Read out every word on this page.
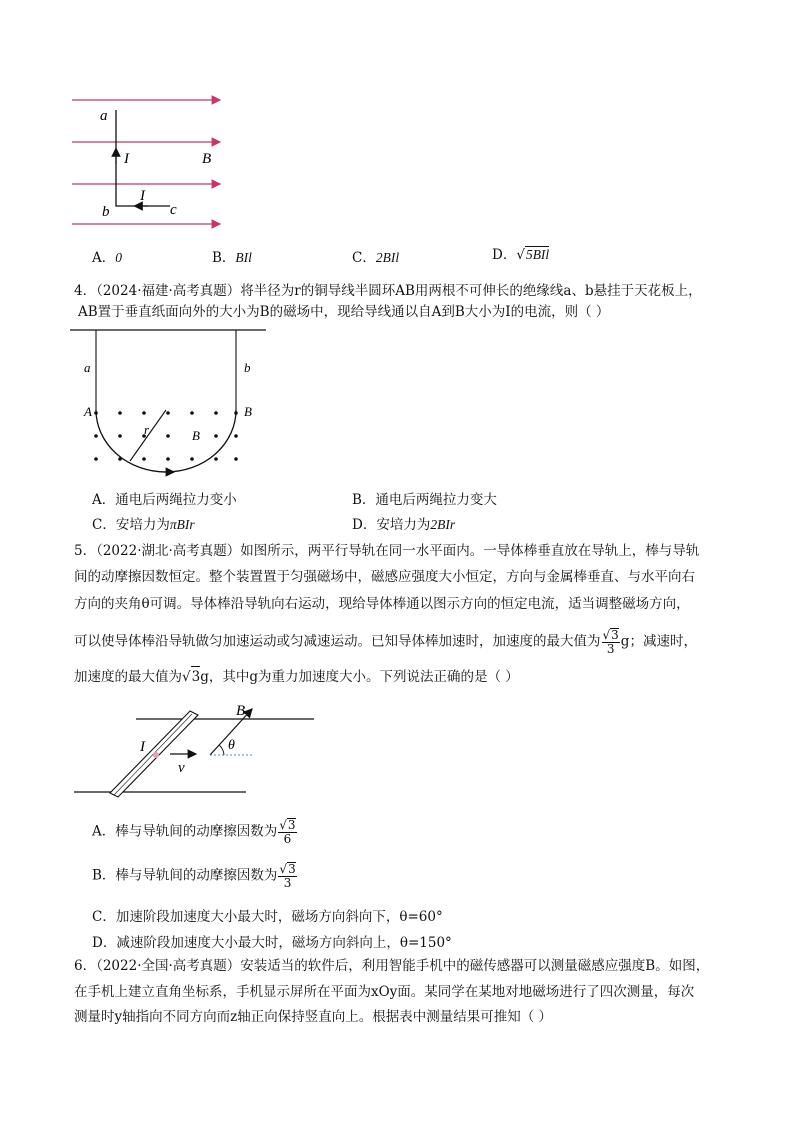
a
I	B
I
b	c
A．0	B．BIl	C．2BIl	D．√5BIl
4．（2024·福建·高考真题）将半径为r的铜导线半圆环AB用两根不可伸长的绝缘线a、b悬挂于天花板上，
AB置于垂直纸面向外的大小为B的磁场中，现给导线通以自A到B大小为I的电流，则（ ）
a	b
A	B
r	B
A．通电后两绳拉力变小	B．通电后两绳拉力变大
C．安培力为πBIr	D．安培力为2BIr
5．（2022·湖北·高考真题）如图所示，两平行导轨在同一水平面内。一导体棒垂直放在导轨上，棒与导轨
间的动摩擦因数恒定。整个装置置于匀强磁场中，磁感应强度大小恒定，方向与金属棒垂直、与水平向右
方向的夹角θ可调。导体棒沿导轨向右运动，现给导体棒通以图示方向的恒定电流，适当调整磁场方向，
可以使导体棒沿导轨做匀加速运动或匀减速运动。已知导体棒加速时，加速度的最大值为 $\frac{√3}{3}$ g；减速时，
加速度的最大值为√3g，其中g为重力加速度大小。下列说法正确的是（ ）
B
I
v
θ
A．棒与导轨间的动摩擦因数为 $\frac{√3}{6}$
B．棒与导轨间的动摩擦因数为 $\frac{√3}{3}$
C．加速阶段加速度大小最大时，磁场方向斜向下，θ=60°
D．减速阶段加速度大小最大时，磁场方向斜向上，θ=150°
6．（2022·全国·高考真题）安装适当的软件后，利用智能手机中的磁传感器可以测量磁感应强度B。如图，
在手机上建立直角坐标系，手机显示屏所在平面为xOy面。某同学在某地对地磁场进行了四次测量，每次
测量时y轴指向不同方向而z轴正向保持竖直向上。根据表中测量结果可推知（ ）
